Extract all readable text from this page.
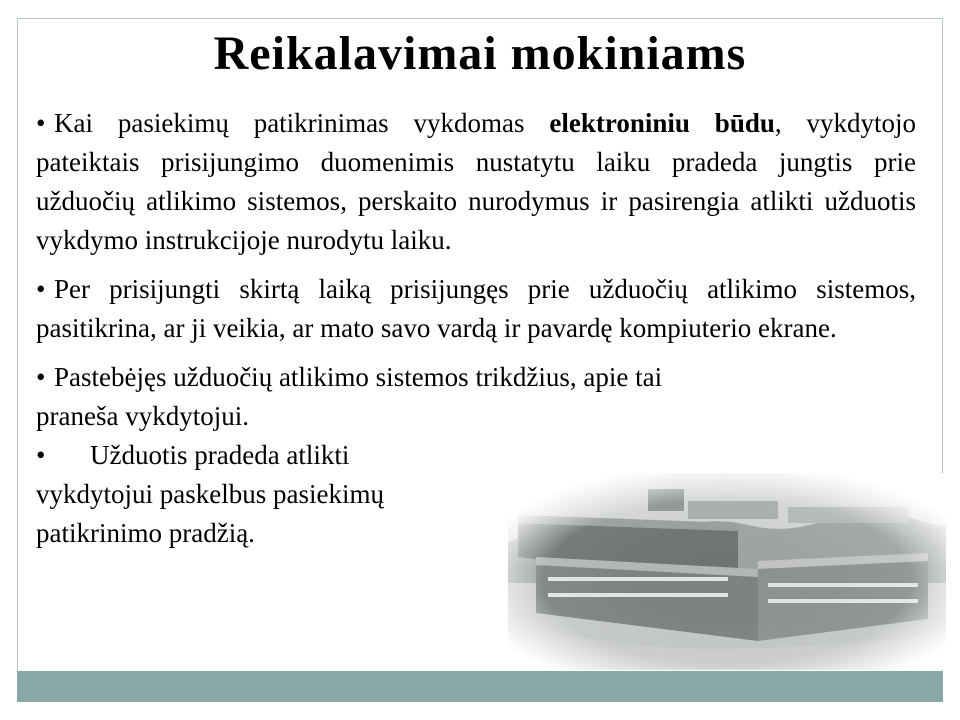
Reikalavimai mokiniams

• Kai pasiekimų patikrinimas vykdomas elektroniniu būdu, vykdytojo pateiktais prisijungimo duomenimis nustatytu laiku pradeda jungtis prie užduočių atlikimo sistemos, perskaito nurodymus ir pasirengia atlikti užduotis vykdymo instrukcijoje nurodytu laiku.

• Per prisijungti skirtą laiką prisijungęs prie užduočių atlikimo sistemos, pasitikrina, ar ji veikia, ar mato savo vardą ir pavardę kompiuterio ekrane.

• Pastebėjęs užduočių atlikimo sistemos trikdžius, apie tai
praneša vykdytojui.

• Užduotis pradeda atlikti
vykdytojui paskelbus pasiekimų
patikrinimo pradžią.
